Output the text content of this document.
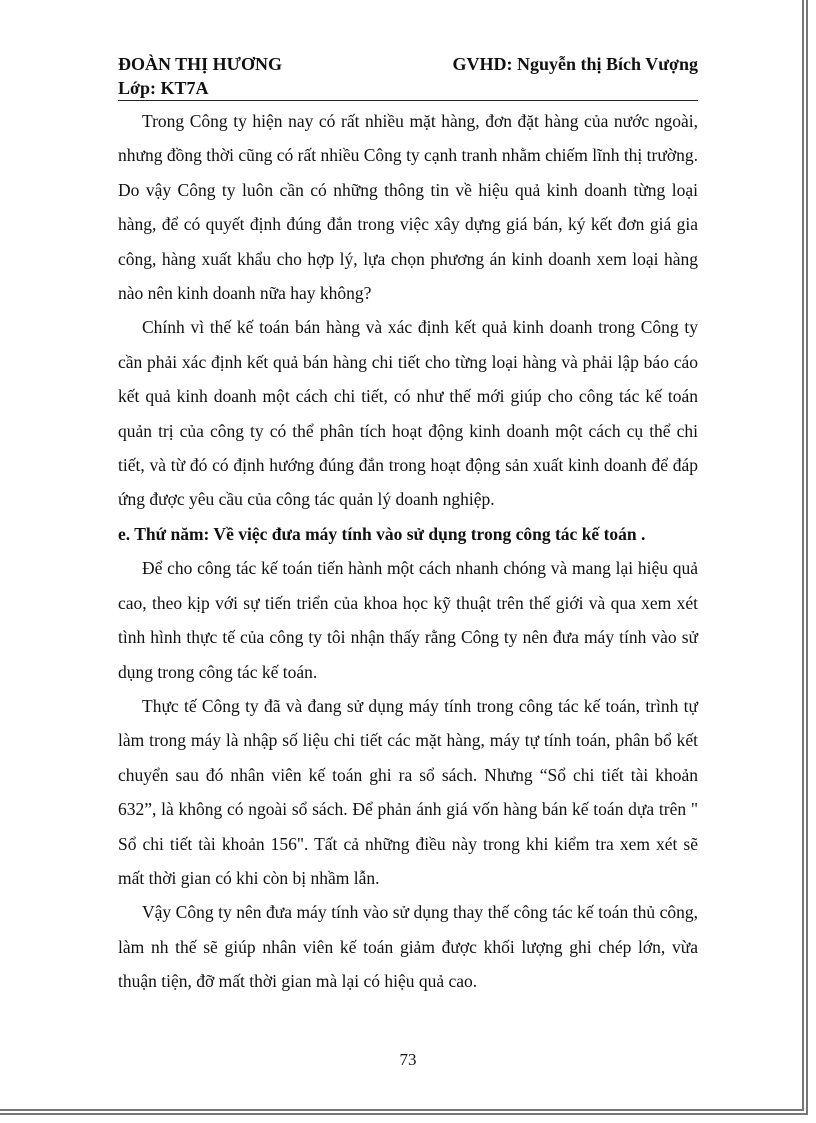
ĐOÀN THỊ HƯƠNG	GVHD: Nguyễn thị Bích Vượng
Lớp: KT7A

Trong Công ty hiện nay có rất nhiều mặt hàng, đơn đặt hàng của nước ngoài, nhưng đồng thời cũng có rất nhiều Công ty cạnh tranh nhằm chiếm lĩnh thị trường. Do vậy Công ty luôn cần có những thông tin về hiệu quả kinh doanh từng loại hàng, để có quyết định đúng đắn trong việc xây dựng giá bán, ký kết đơn giá gia công, hàng xuất khẩu cho hợp lý, lựa chọn phương án kinh doanh xem loại hàng nào nên kinh doanh nữa hay không?

Chính vì thế kế toán bán hàng và xác định kết quả kinh doanh trong Công ty cần phải xác định kết quả bán hàng chi tiết cho từng loại hàng và phải lập báo cáo kết quả kinh doanh một cách chi tiết, có như thế mới giúp cho công tác kế toán quản trị của công ty có thể phân tích hoạt động kinh doanh một cách cụ thể chi tiết, và từ đó có định hướng đúng đắn trong hoạt động sản xuất kinh doanh để đáp ứng được yêu cầu của công tác quản lý doanh nghiệp.

e. Thứ năm: Về việc đưa máy tính vào sử dụng trong công tác kế toán .

Để cho công tác kế toán tiến hành một cách nhanh chóng và mang lại hiệu quả cao, theo kịp với sự tiến triển của khoa học kỹ thuật trên thế giới và qua xem xét tình hình thực tế của công ty tôi nhận thấy rằng Công ty nên đưa máy tính vào sử dụng trong công tác kế toán.

Thực tế Công ty đã và đang sử dụng máy tính trong công tác kế toán, trình tự làm trong máy là nhập số liệu chi tiết các mặt hàng, máy tự tính toán, phân bổ kết chuyển sau đó nhân viên kế toán ghi ra sổ sách. Nhưng “Sổ chi tiết tài khoản 632”, là không có ngoài sổ sách. Để phản ánh giá vốn hàng bán kế toán dựa trên " Sổ chi tiết tài khoản 156". Tất cả những điều này trong khi kiểm tra xem xét sẽ mất thời gian có khi còn bị nhầm lẫn.

Vậy Công ty nên đưa máy tính vào sử dụng thay thế công tác kế toán thủ công, làm nh thế sẽ giúp nhân viên kế toán giảm được khối lượng ghi chép lớn, vừa thuận tiện, đỡ mất thời gian mà lại có hiệu quả cao.

73
